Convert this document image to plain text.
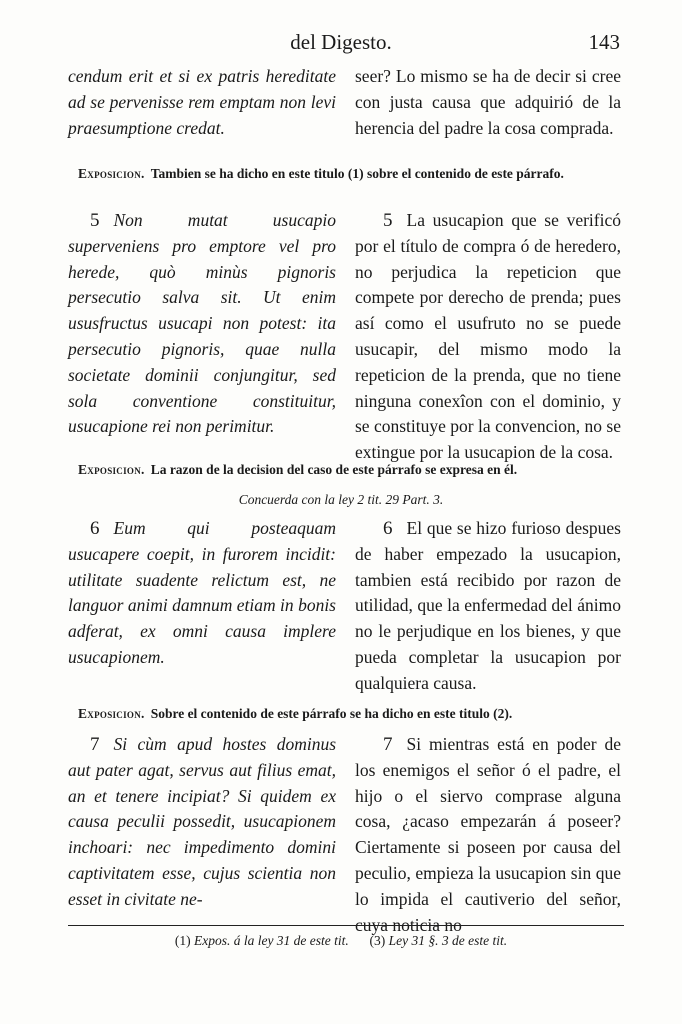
del Digesto.	143

cendum erit et si ex patris hereditate ad se pervenisse rem emptam non levi praesumptione credat.

seer? Lo mismo se ha de decir si cree con justa causa que adquirió de la herencia del padre la cosa comprada.

Exposicion. Tambien se ha dicho en este titulo (1) sobre el contenido de este párrafo.

5 Non mutat usucapio superveniens pro emptore vel pro herede, quò minùs pignoris persecutio salva sit. Ut enim ususfructus usucapi non potest: ita persecutio pignoris, quae nulla societate dominii conjungitur, sed sola conventione constituitur, usucapione rei non perimitur.

5 La usucapion que se verificó por el título de compra ó de heredero, no perjudica la repeticion que compete por derecho de prenda; pues así como el usufruto no se puede usucapir, del mismo modo la repeticion de la prenda, que no tiene ninguna conexîon con el dominio, y se constituye por la convencion, no se extingue por la usucapion de la cosa.

Exposicion. La razon de la decision del caso de este párrafo se expresa en él.
Concuerda con la ley 2 tit. 29 Part. 3.

6 Eum qui posteaquam usucapere coepit, in furorem incidit: utilitate suadente relictum est, ne languor animi damnum etiam in bonis adferat, ex omni causa implere usucapionem.

6 El que se hizo furioso despues de haber empezado la usucapion, tambien está recibido por razon de utilidad, que la enfermedad del ánimo no le perjudique en los bienes, y que pueda completar la usucapion por qualquiera causa.

Exposicion. Sobre el contenido de este párrafo se ha dicho en este titulo (2).

7 Si cùm apud hostes dominus aut pater agat, servus aut filius emat, an et tenere incipiat? Si quidem ex causa peculii possedit, usucapionem inchoari: nec impedimento domini captivitatem esse, cujus scientia non esset in civitate ne-

7 Si mientras está en poder de los enemigos el señor ó el padre, el hijo o el siervo comprase alguna cosa, ¿acaso empezarán á poseer? Ciertamente si poseen por causa del peculio, empieza la usucapion sin que lo impida el cautiverio del señor, cuya noticia no

(1) Expos. á la ley 31 de este tit. (3) Ley 31 §. 3 de este tit.
